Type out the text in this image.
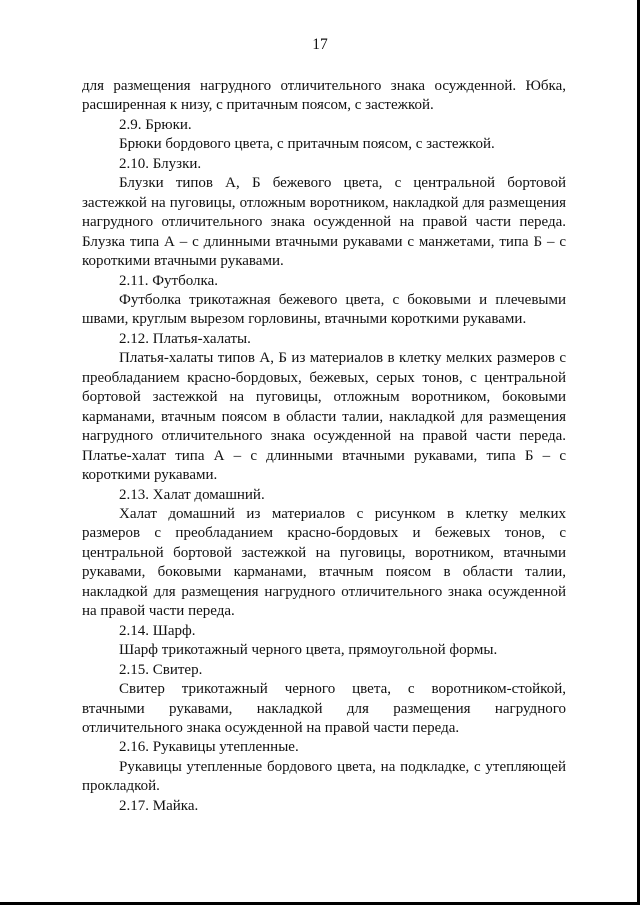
17

для размещения нагрудного отличительного знака осужденной. Юбка, расширенная к низу, с притачным поясом, с застежкой.

2.9. Брюки.

Брюки бордового цвета, с притачным поясом, с застежкой.

2.10. Блузки.

Блузки типов А, Б бежевого цвета, с центральной бортовой застежкой на пуговицы, отложным воротником, накладкой для размещения нагрудного отличительного знака осужденной на правой части переда. Блузка типа А – с длинными втачными рукавами с манжетами, типа Б – с короткими втачными рукавами.

2.11. Футболка.

Футболка трикотажная бежевого цвета, с боковыми и плечевыми швами, круглым вырезом горловины, втачными короткими рукавами.

2.12. Платья-халаты.

Платья-халаты типов А, Б из материалов в клетку мелких размеров с преобладанием красно-бордовых, бежевых, серых тонов, с центральной бортовой застежкой на пуговицы, отложным воротником, боковыми карманами, втачным поясом в области талии, накладкой для размещения нагрудного отличительного знака осужденной на правой части переда. Платье-халат типа А – с длинными втачными рукавами, типа Б – с короткими рукавами.

2.13. Халат домашний.

Халат домашний из материалов с рисунком в клетку мелких размеров с преобладанием красно-бордовых и бежевых тонов, с центральной бортовой застежкой на пуговицы, воротником, втачными рукавами, боковыми карманами, втачным поясом в области талии, накладкой для размещения нагрудного отличительного знака осужденной на правой части переда.

2.14. Шарф.

Шарф трикотажный черного цвета, прямоугольной формы.

2.15. Свитер.

Свитер трикотажный черного цвета, с воротником-стойкой, втачными рукавами, накладкой для размещения нагрудного отличительного знака осужденной на правой части переда.

2.16. Рукавицы утепленные.

Рукавицы утепленные бордового цвета, на подкладке, с утепляющей прокладкой.

2.17. Майка.
